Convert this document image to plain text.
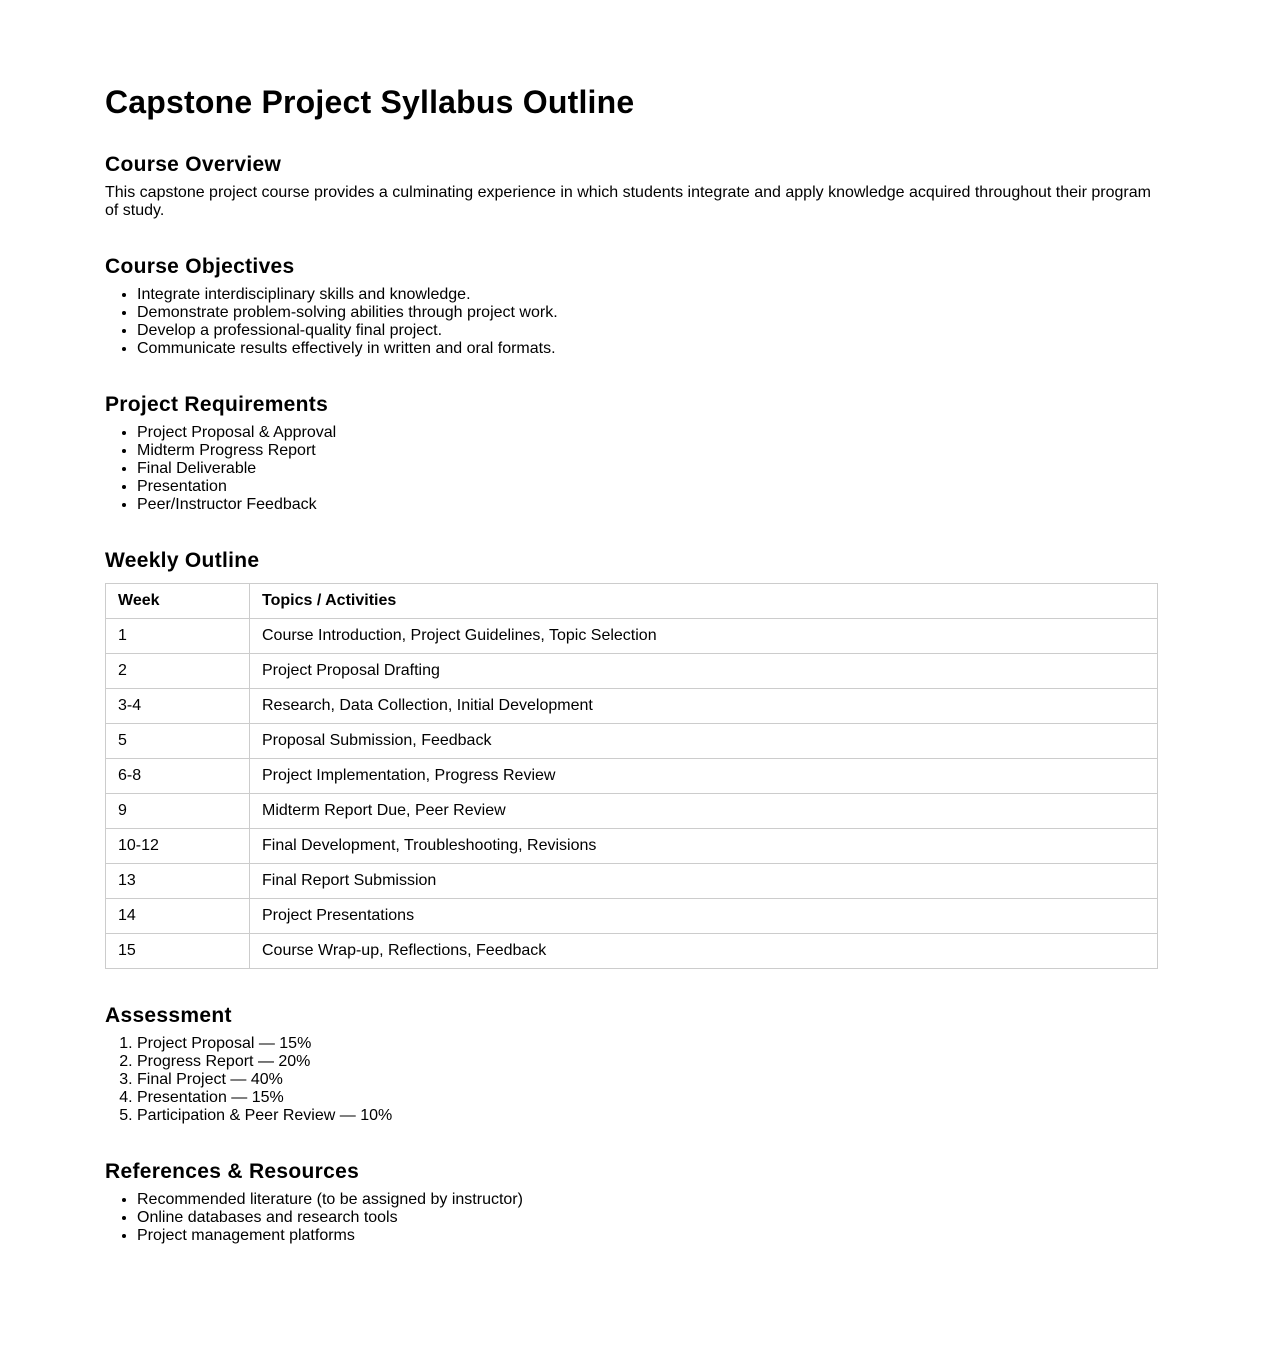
Capstone Project Syllabus Outline
Course Overview

This capstone project course provides a culminating experience in which students integrate and apply knowledge acquired throughout their program of study.

Course Objectives
• Integrate interdisciplinary skills and knowledge.
• Demonstrate problem-solving abilities through project work.
• Develop a professional-quality final project.
• Communicate results effectively in written and oral formats.
Project Requirements
• Project Proposal & Approval
• Midterm Progress Report
• Final Deliverable
• Presentation
• Peer/Instructor Feedback
Weekly Outline
Week	Topics / Activities
1	Course Introduction, Project Guidelines, Topic Selection
2	Project Proposal Drafting
3-4	Research, Data Collection, Initial Development
5	Proposal Submission, Feedback
6-8	Project Implementation, Progress Review
9	Midterm Report Due, Peer Review
10-12	Final Development, Troubleshooting, Revisions
13	Final Report Submission
14	Project Presentations
15	Course Wrap-up, Reflections, Feedback
Assessment
1. Project Proposal — 15%
2. Progress Report — 20%
3. Final Project — 40%
4. Presentation — 15%
5. Participation & Peer Review — 10%
References & Resources
• Recommended literature (to be assigned by instructor)
• Online databases and research tools
• Project management platforms
